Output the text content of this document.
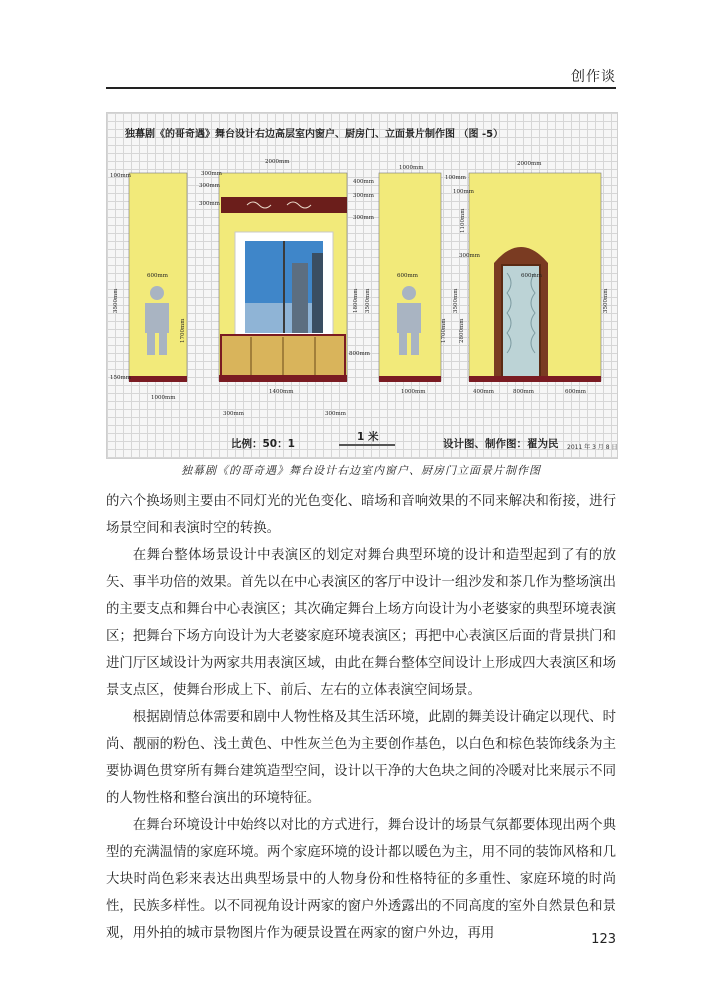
创作谈
独幕剧《的哥奇遇》舞台设计右边高层室内窗户、厨房门、立面景片制作图 （图 -5）
2000mm
1000mm
2000mm
100mm	300mm
300mm
300mm
400mm
300mm
300mm
100mm
100mm
1100mm
300mm
3500mm	3500mm	3500mm	3500mm
600mm	600mm	600mm
1700mm
1800mm
1700mm 2800mm
800mm
150mm
1000mm
1400mm	1000mm
300mm	300mm
400mm	800mm	600mm
比例：50：1
1 米
设计图、制作图：翟为民 2011 年 3 月 8 日
独幕剧《的哥奇遇》舞台设计右边室内窗户、厨房门立面景片制作图

的六个换场则主要由不同灯光的光色变化、暗场和音响效果的不同来解决和衔接，进行场景空间和表演时空的转换。

在舞台整体场景设计中表演区的划定对舞台典型环境的设计和造型起到了有的放矢、事半功倍的效果。首先以在中心表演区的客厅中设计一组沙发和茶几作为整场演出的主要支点和舞台中心表演区；其次确定舞台上场方向设计为小老婆家的典型环境表演区；把舞台下场方向设计为大老婆家庭环境表演区；再把中心表演区后面的背景拱门和进门厅区域设计为两家共用表演区域，由此在舞台整体空间设计上形成四大表演区和场景支点区，使舞台形成上下、前后、左右的立体表演空间场景。

根据剧情总体需要和剧中人物性格及其生活环境，此剧的舞美设计确定以现代、时尚、靓丽的粉色、浅土黄色、中性灰兰色为主要创作基色，以白色和棕色装饰线条为主要协调色贯穿所有舞台建筑造型空间，设计以干净的大色块之间的冷暖对比来展示不同的人物性格和整台演出的环境特征。

在舞台环境设计中始终以对比的方式进行，舞台设计的场景气氛都要体现出两个典型的充满温情的家庭环境。两个家庭环境的设计都以暖色为主，用不同的装饰风格和几大块时尚色彩来表达出典型场景中的人物身份和性格特征的多重性、家庭环境的时尚性，民族多样性。以不同视角设计两家的窗户外透露出的不同高度的室外自然景色和景观，用外拍的城市景物图片作为硬景设置在两家的窗户外边，再用	123
